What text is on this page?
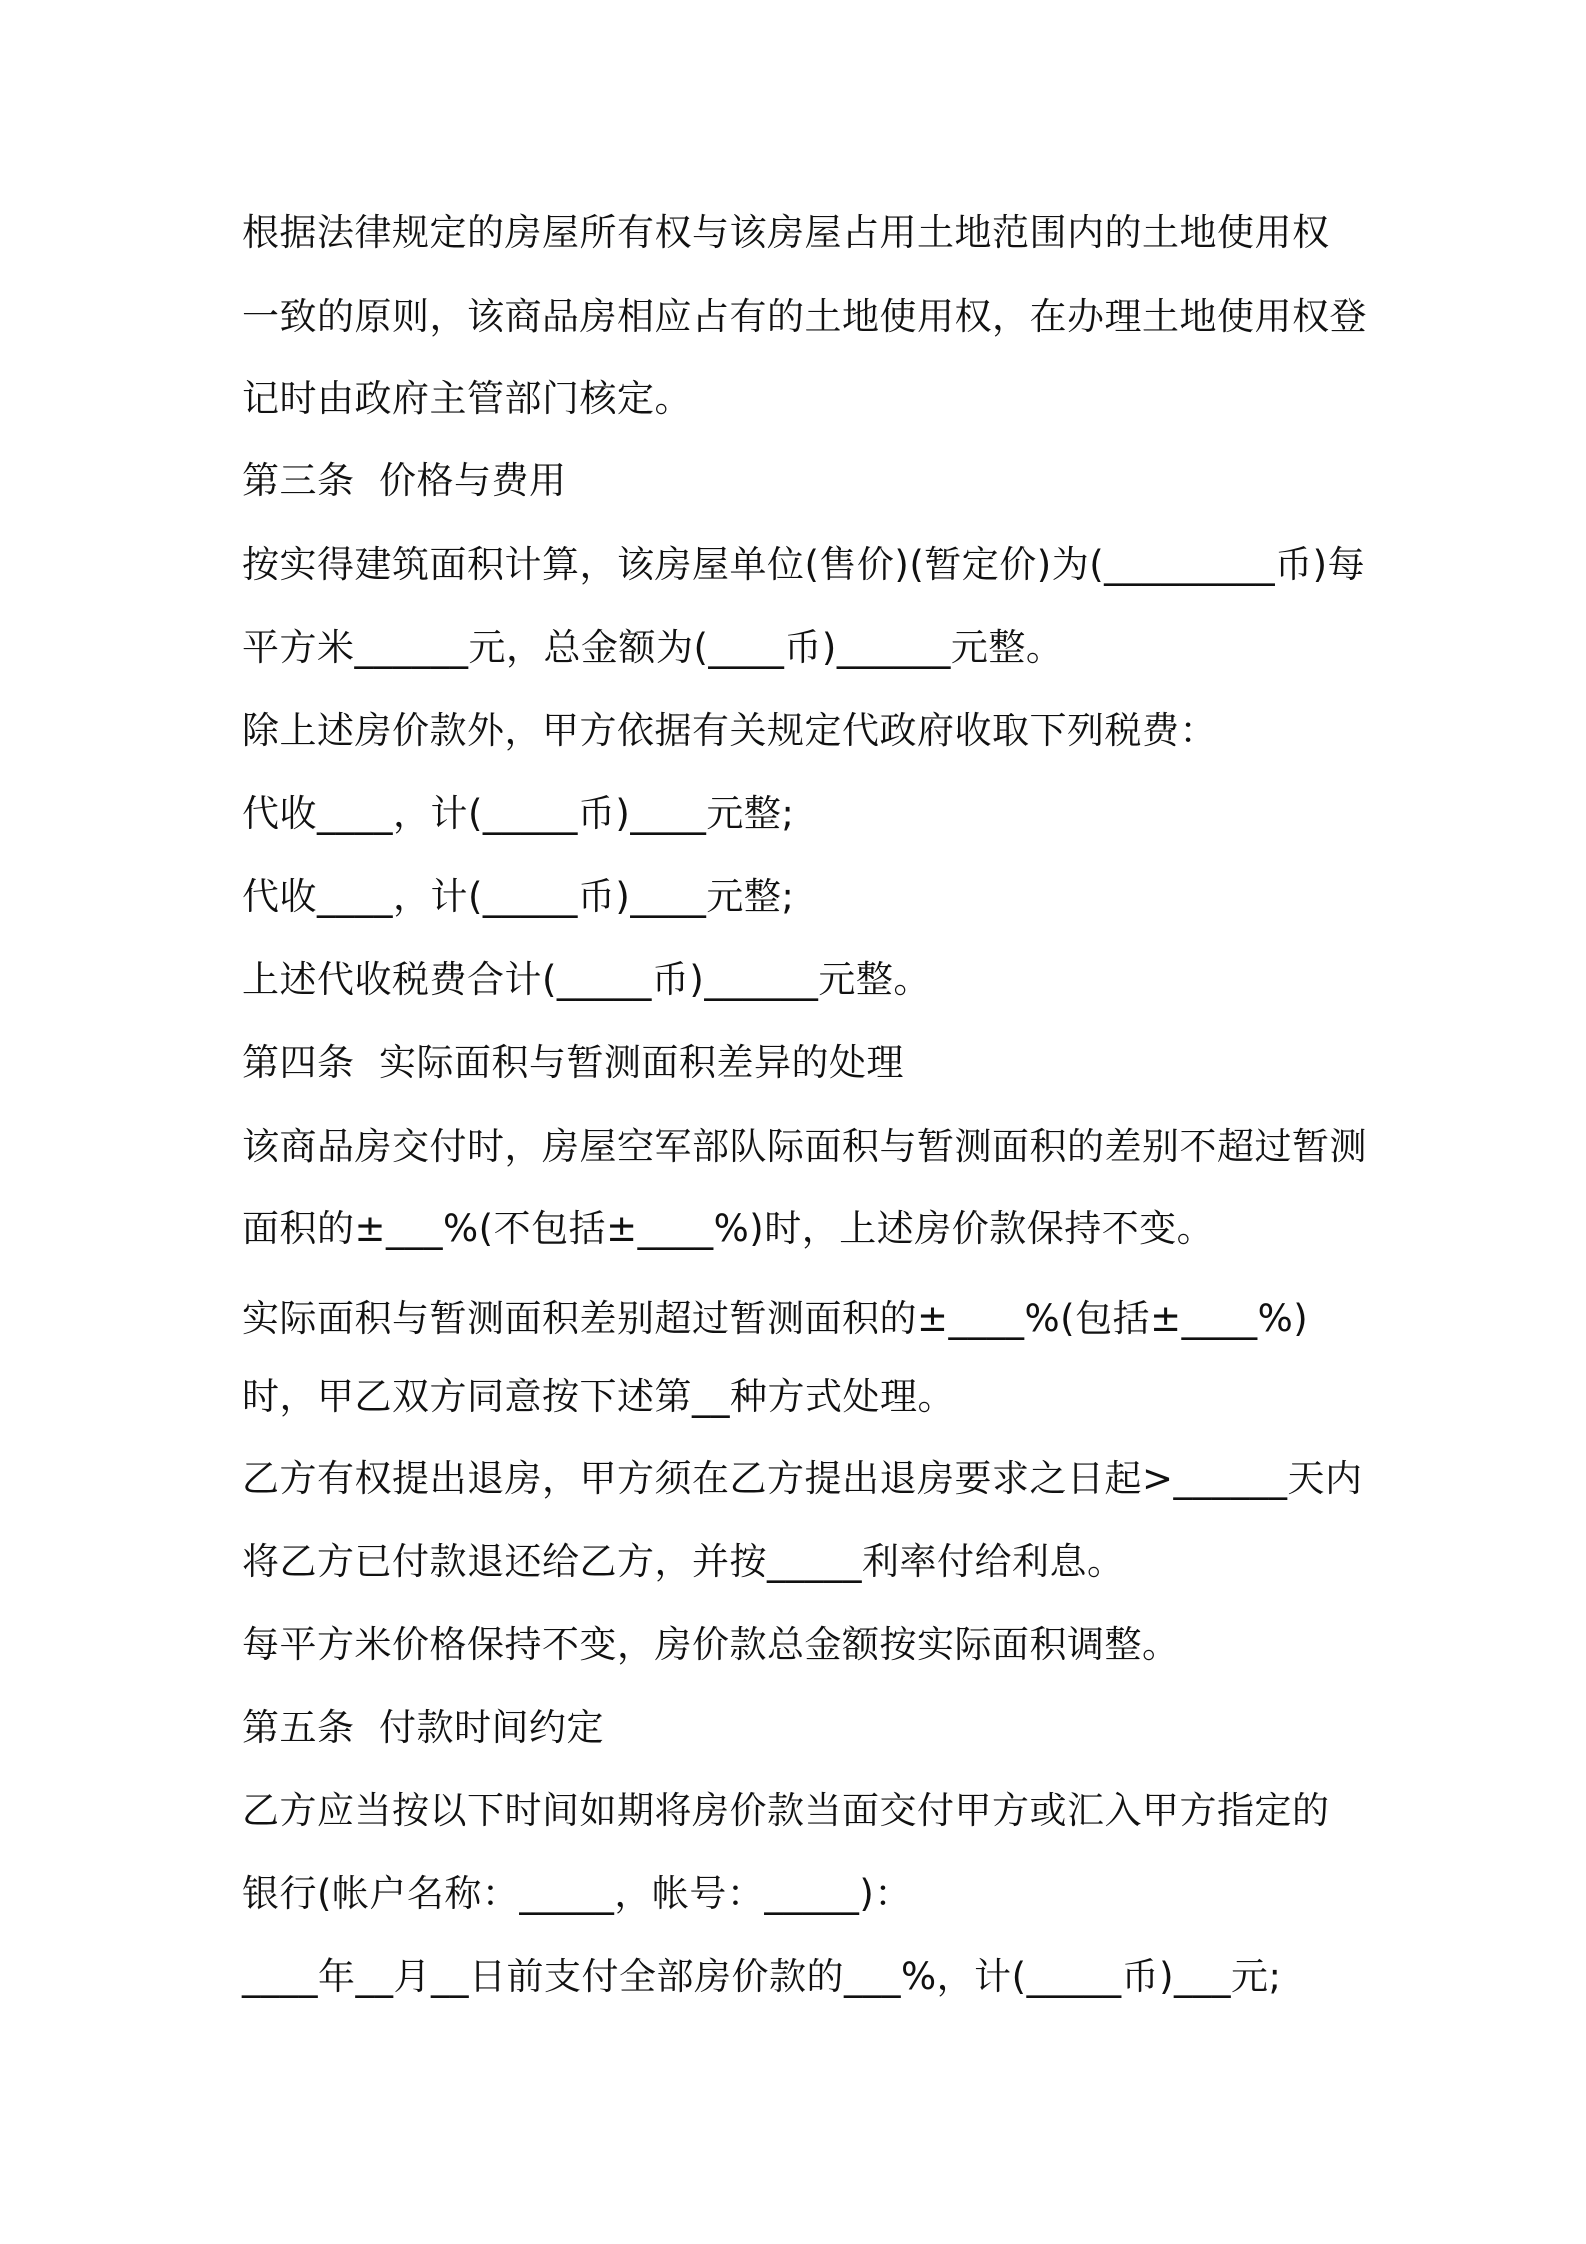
根据法律规定的房屋所有权与该房屋占用土地范围内的土地使用权
一致的原则，该商品房相应占有的土地使用权，在办理土地使用权登
记时由政府主管部门核定。
第三条  价格与费用
按实得建筑面积计算，该房屋单位(售价)(暂定价)为(_________币)每
平方米______元，总金额为(____币)______元整。
除上述房价款外，甲方依据有关规定代政府收取下列税费：
代收____，计(_____币)____元整;
代收____，计(_____币)____元整;
上述代收税费合计(_____币)______元整。
第四条  实际面积与暂测面积差异的处理
该商品房交付时，房屋空军部队际面积与暂测面积的差别不超过暂测
面积的±___%(不包括±____%)时，上述房价款保持不变。
实际面积与暂测面积差别超过暂测面积的±____%(包括±____%)
时，甲乙双方同意按下述第__种方式处理。
乙方有权提出退房，甲方须在乙方提出退房要求之日起>______天内
将乙方已付款退还给乙方，并按_____利率付给利息。
每平方米价格保持不变，房价款总金额按实际面积调整。
第五条  付款时间约定
乙方应当按以下时间如期将房价款当面交付甲方或汇入甲方指定的
银行(帐户名称：_____，帐号：_____)：
____年__月__日前支付全部房价款的___%，计(_____币)___元;
